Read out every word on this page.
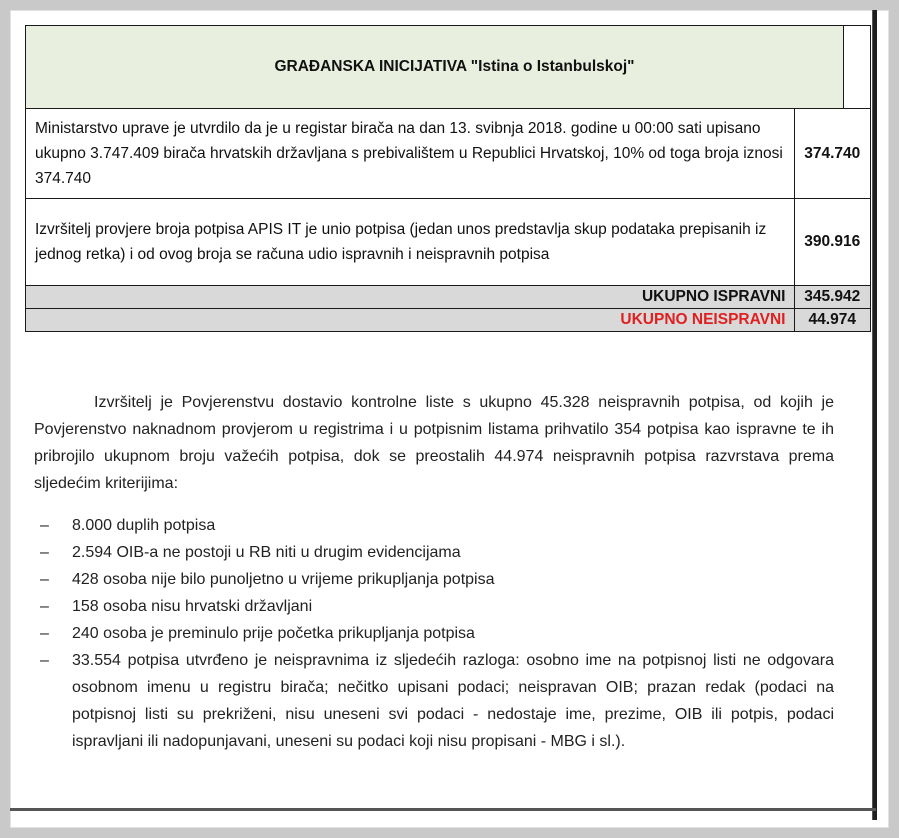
GRAĐANSKA INICIJATIVA "Istina o Istanbulskoj"		
Ministarstvo uprave je utvrdilo da je u registar birača na dan 13. svibnja 2018. godine u 00:00 sati upisano ukupno 3.747.409 birača hrvatskih državljana s prebivalištem u Republici Hrvatskoj, 10% od toga broja iznosi 374.740	374.740	
Izvršitelj provjere broja potpisa APIS IT je unio potpisa (jedan unos predstavlja skup podataka prepisanih iz jednog retka) i od ovog broja se računa udio ispravnih i neispravnih potpisa	390.916	
UKUPNO ISPRAVNI	345.942	
UKUPNO NEISPRAVNI	44.974	

Izvršitelj je Povjerenstvu dostavio kontrolne liste s ukupno 45.328 neispravnih potpisa, od kojih je Povjerenstvo naknadnom provjerom u registrima i u potpisnim listama prihvatilo 354 potpisa kao ispravne te ih pribrojilo ukupnom broju važećih potpisa, dok se preostalih 44.974 neispravnih potpisa razvrstava prema sljedećim kriterijima:

– 8.000 duplih potpisa
– 2.594 OIB-a ne postoji u RB niti u drugim evidencijama
– 428 osoba nije bilo punoljetno u vrijeme prikupljanja potpisa
– 158 osoba nisu hrvatski državljani
– 240 osoba je preminulo prije početka prikupljanja potpisa
– 33.554 potpisa utvrđeno je neispravnima iz sljedećih razloga: osobno ime na potpisnoj listi ne odgovara osobnom imenu u registru birača; nečitko upisani podaci; neispravan OIB; prazan redak (podaci na potpisnoj listi su prekriženi, nisu uneseni svi podaci - nedostaje ime, prezime, OIB ili potpis, podaci ispravljani ili nadopunjavani, uneseni su podaci koji nisu propisani - MBG i sl.).
